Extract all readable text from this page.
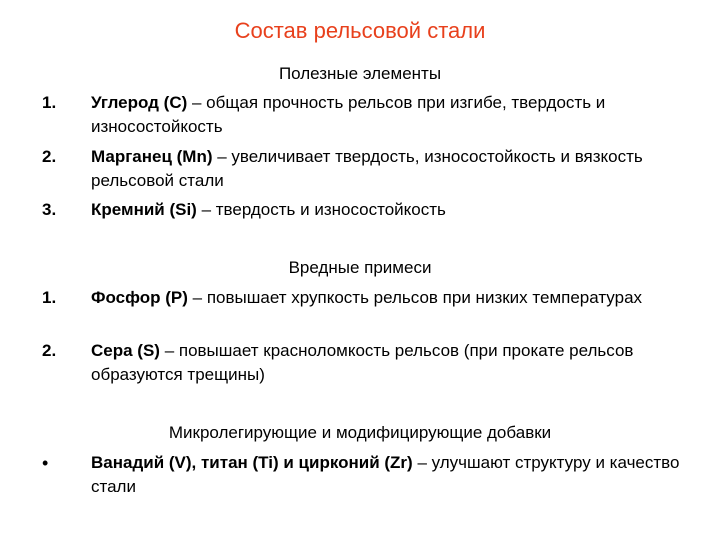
Состав рельсовой стали
Полезные элементы
1. Углерод (С) – общая прочность рельсов при изгибе, твердость и износостойкость
2. Марганец (Mn) – увеличивает твердость, износостойкость и вязкость рельсовой стали
3. Кремний (Si) – твердость и износостойкость
Вредные примеси
1. Фосфор (Р) – повышает хрупкость рельсов при низких температурах
2. Сера (S) – повышает красноломкость рельсов (при прокате рельсов образуются трещины)
Микролегирующие и модифицирующие добавки
•	Ванадий (V), титан (Ti) и цирконий (Zr) – улучшают структуру и качество стали
